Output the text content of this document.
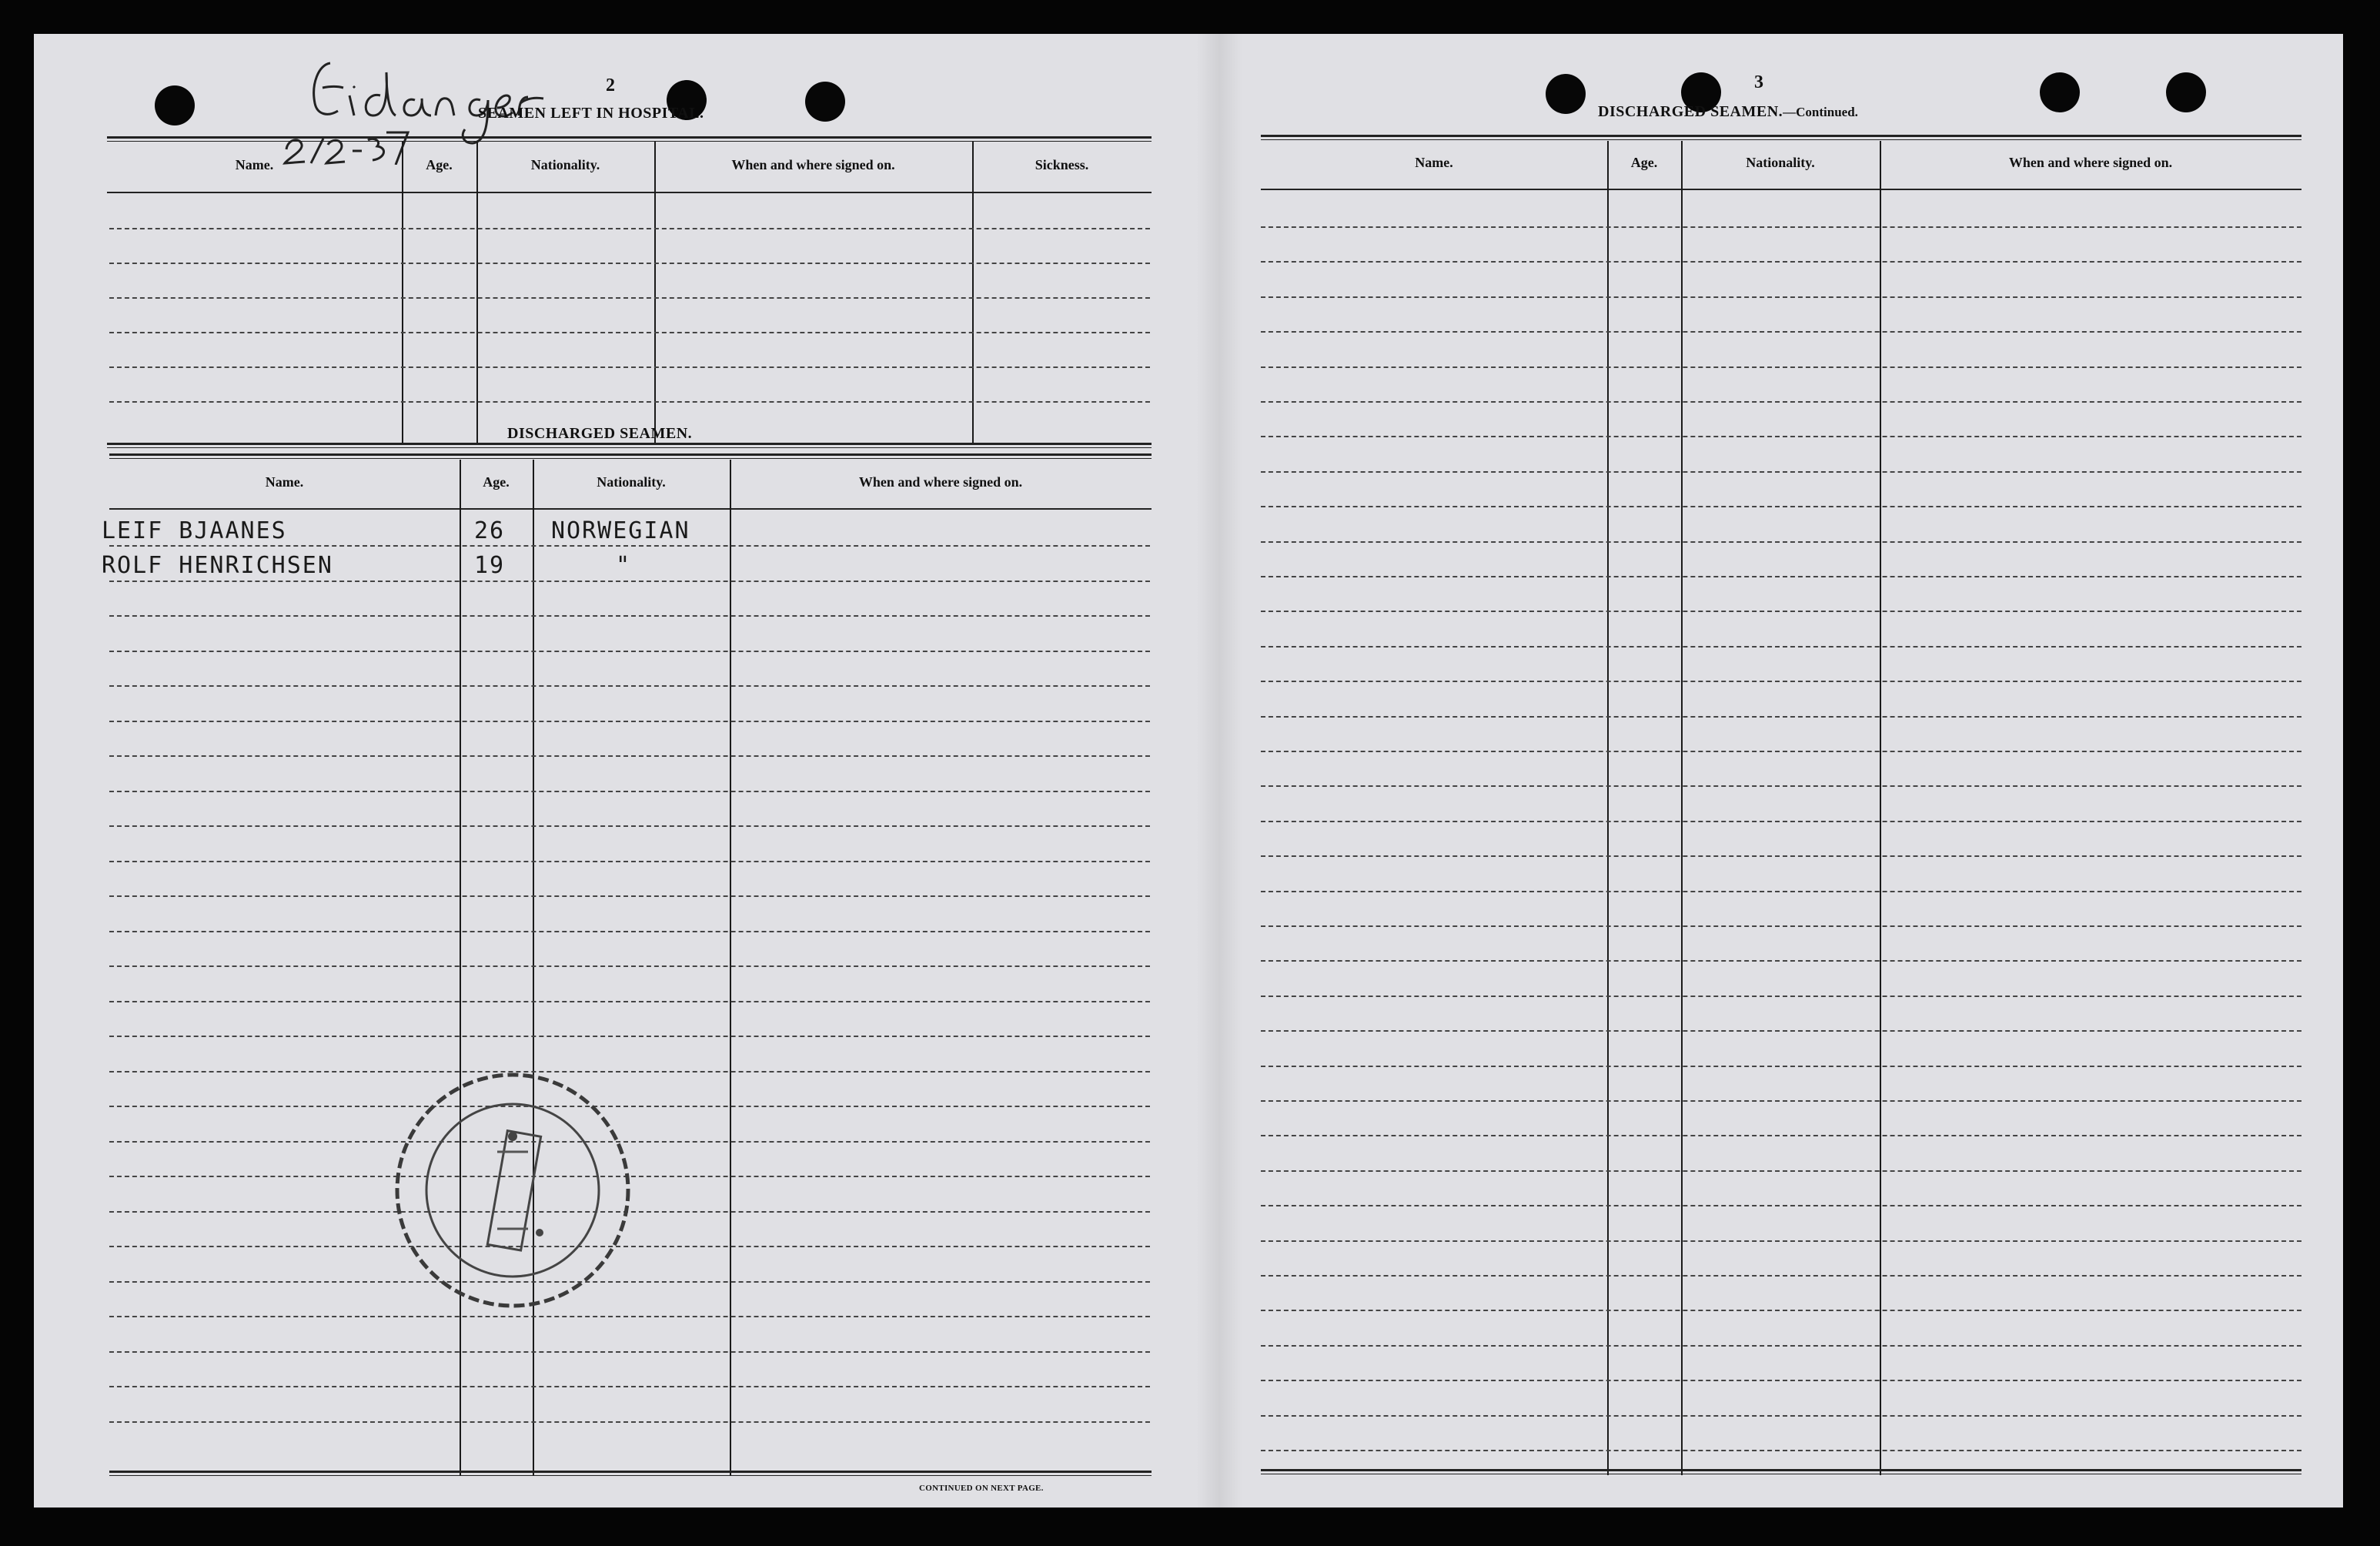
2
SEAMEN LEFT IN HOSPITAL.
Name.	Age.	Nationality.	When and where signed on.	Sickness.
DISCHARGED SEAMEN.
Name.	Age.	Nationality.	When and where signed on.
LEIF BJAANES	26 NORWEGIAN
ROLF HENRICHSEN	19	"
CONTINUED ON NEXT PAGE.
3
DISCHARGED SEAMEN.—Continued.
Name.	Age.	Nationality.	When and where signed on.
